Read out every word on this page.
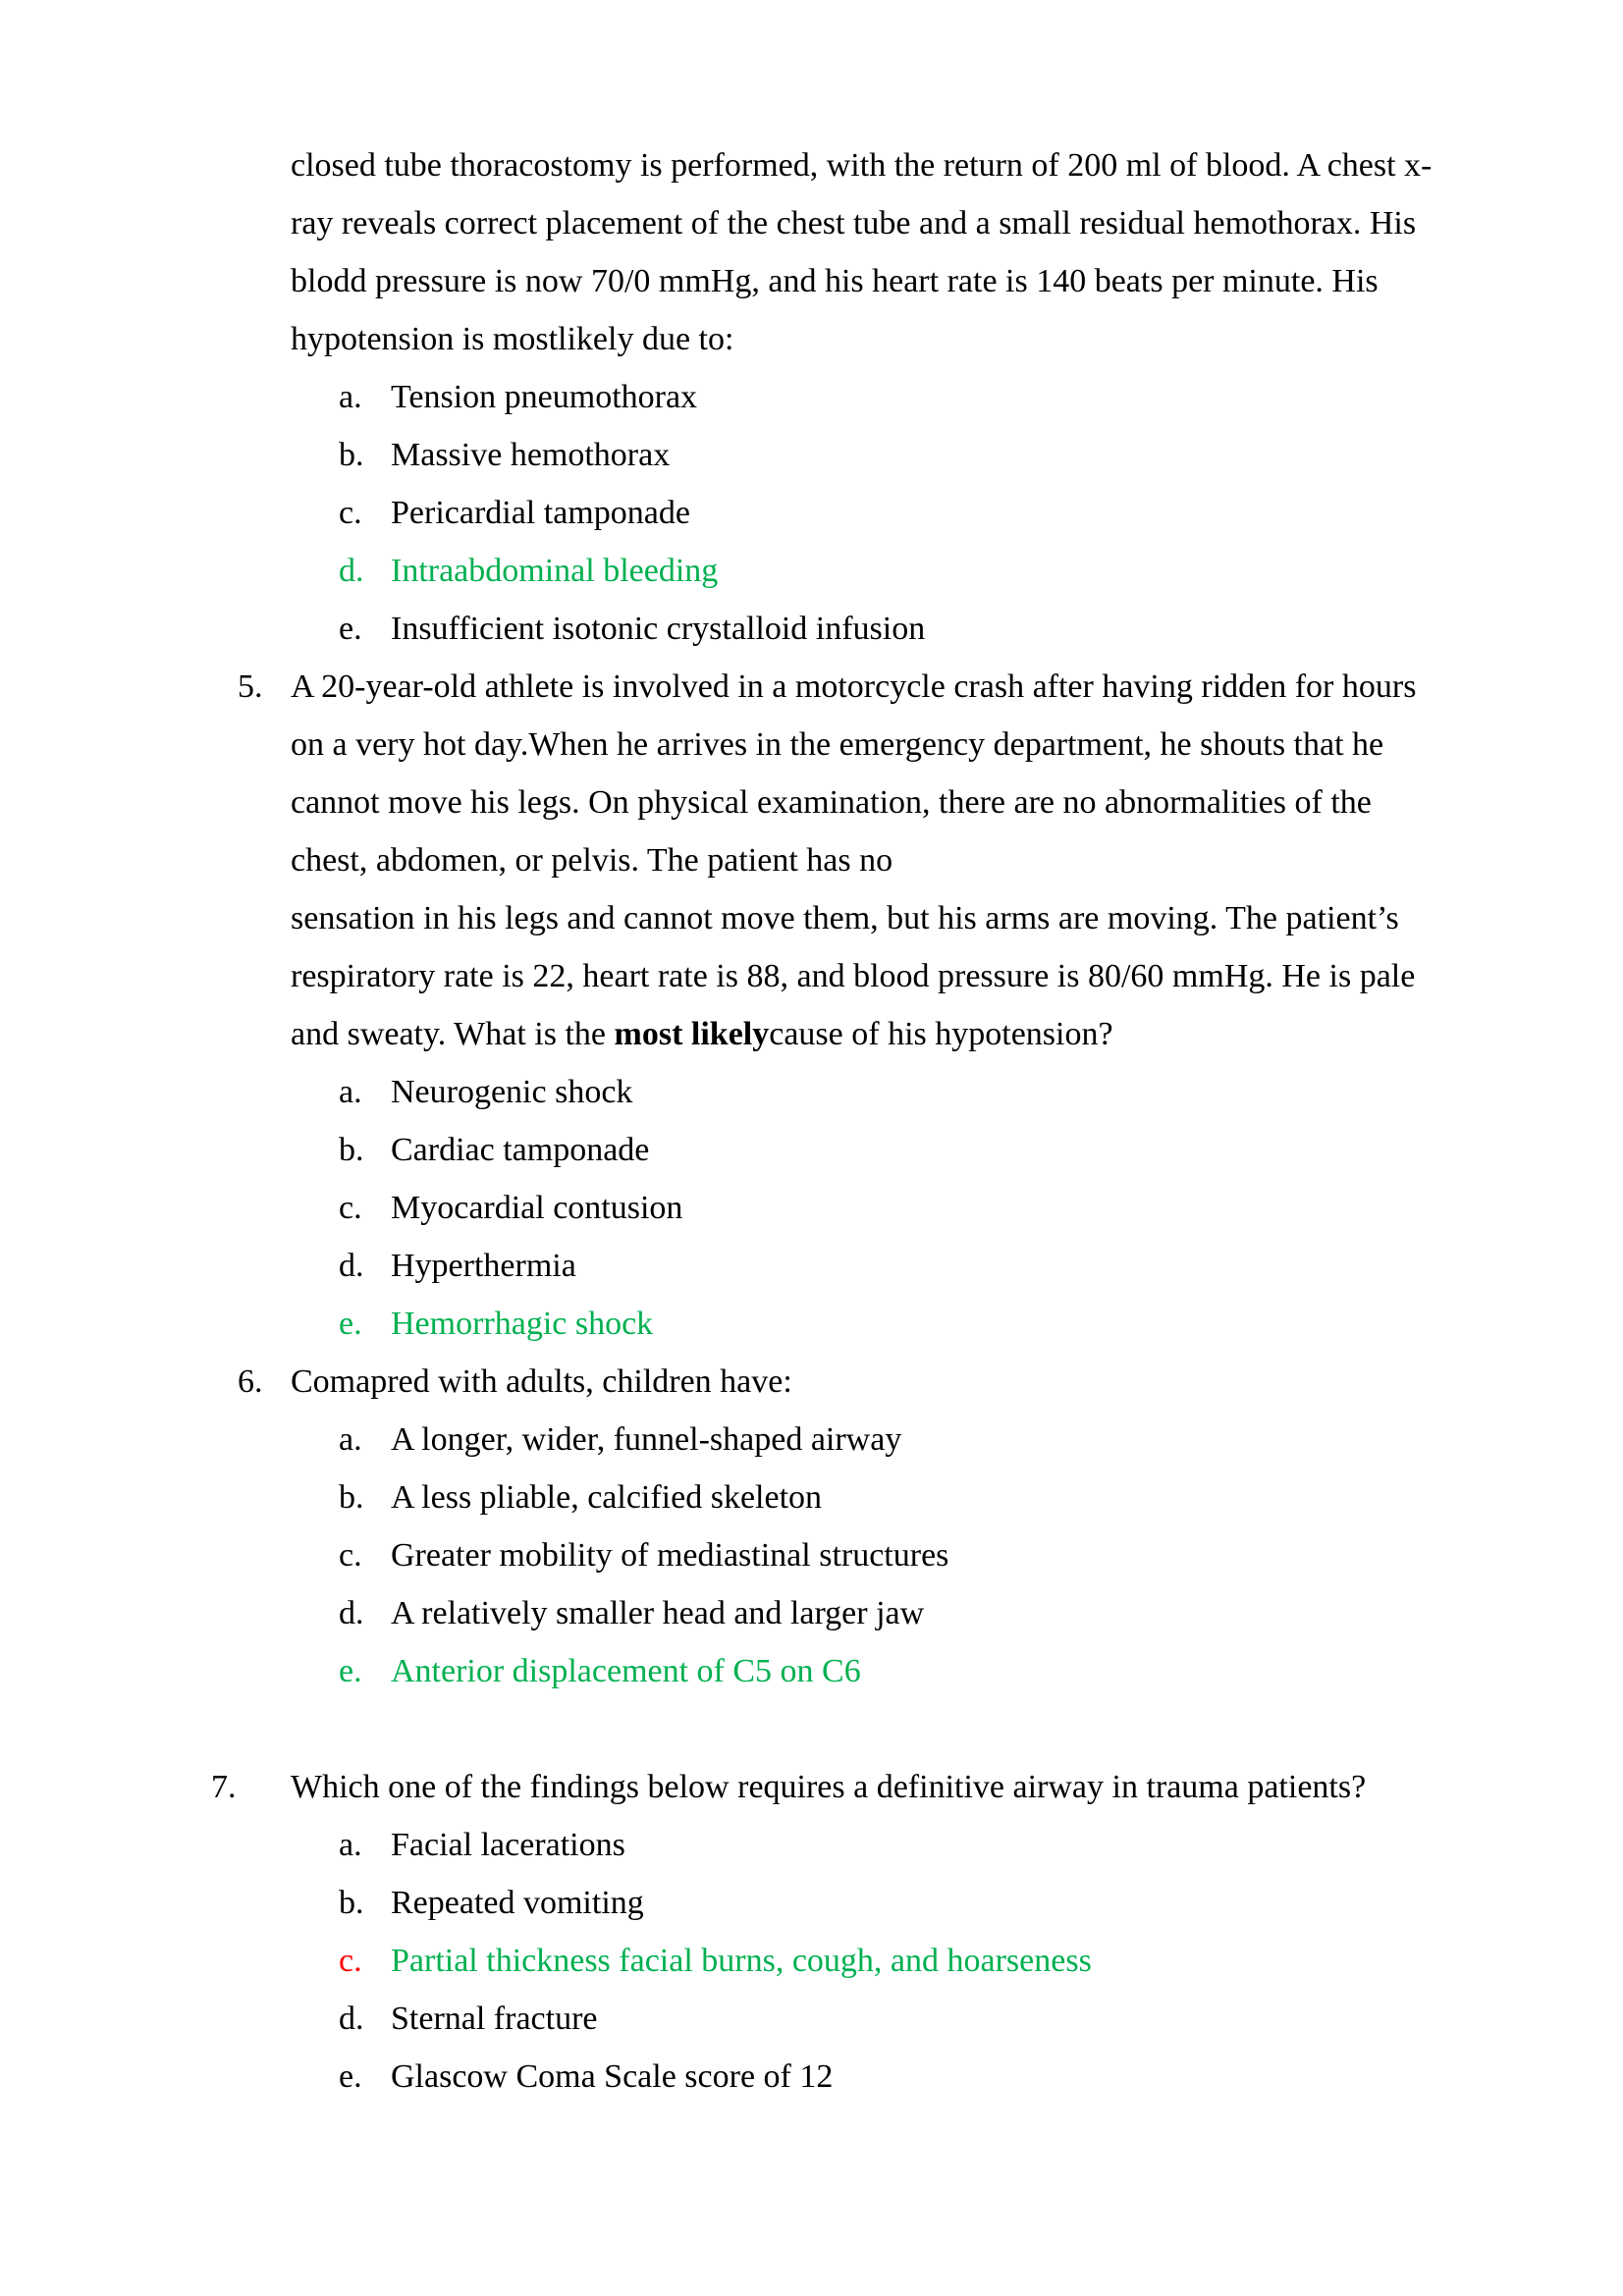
closed tube thoracostomy is performed, with the return of 200 ml of blood. A chest x-
ray reveals correct placement of the chest tube and a small residual hemothorax. His
blodd pressure is now 70/0 mmHg, and his heart rate is 140 beats per minute. His
hypotension is mostlikely due to:
a. Tension pneumothorax
b. Massive hemothorax
c. Pericardial tamponade
d. Intraabdominal bleeding
e. Insufficient isotonic crystalloid infusion
5. A 20-year-old athlete is involved in a motorcycle crash after having ridden for hours
on a very hot day.When he arrives in the emergency department, he shouts that he
cannot move his legs. On physical examination, there are no abnormalities of the
chest, abdomen, or pelvis. The patient has no
sensation in his legs and cannot move them, but his arms are moving. The patient’s
respiratory rate is 22, heart rate is 88, and blood pressure is 80/60 mmHg. He is pale
and sweaty. What is the most likelycause of his hypotension?
a. Neurogenic shock
b. Cardiac tamponade
c. Myocardial contusion
d. Hyperthermia
e. Hemorrhagic shock
6. Comapred with adults, children have:
a. A longer, wider, funnel-shaped airway
b. A less pliable, calcified skeleton
c. Greater mobility of mediastinal structures
d. A relatively smaller head and larger jaw
e. Anterior displacement of C5 on C6
7. Which one of the findings below requires a definitive airway in trauma patients?
a. Facial lacerations
b. Repeated vomiting
c. Partial thickness facial burns, cough, and hoarseness
d. Sternal fracture
e. Glascow Coma Scale score of 12
